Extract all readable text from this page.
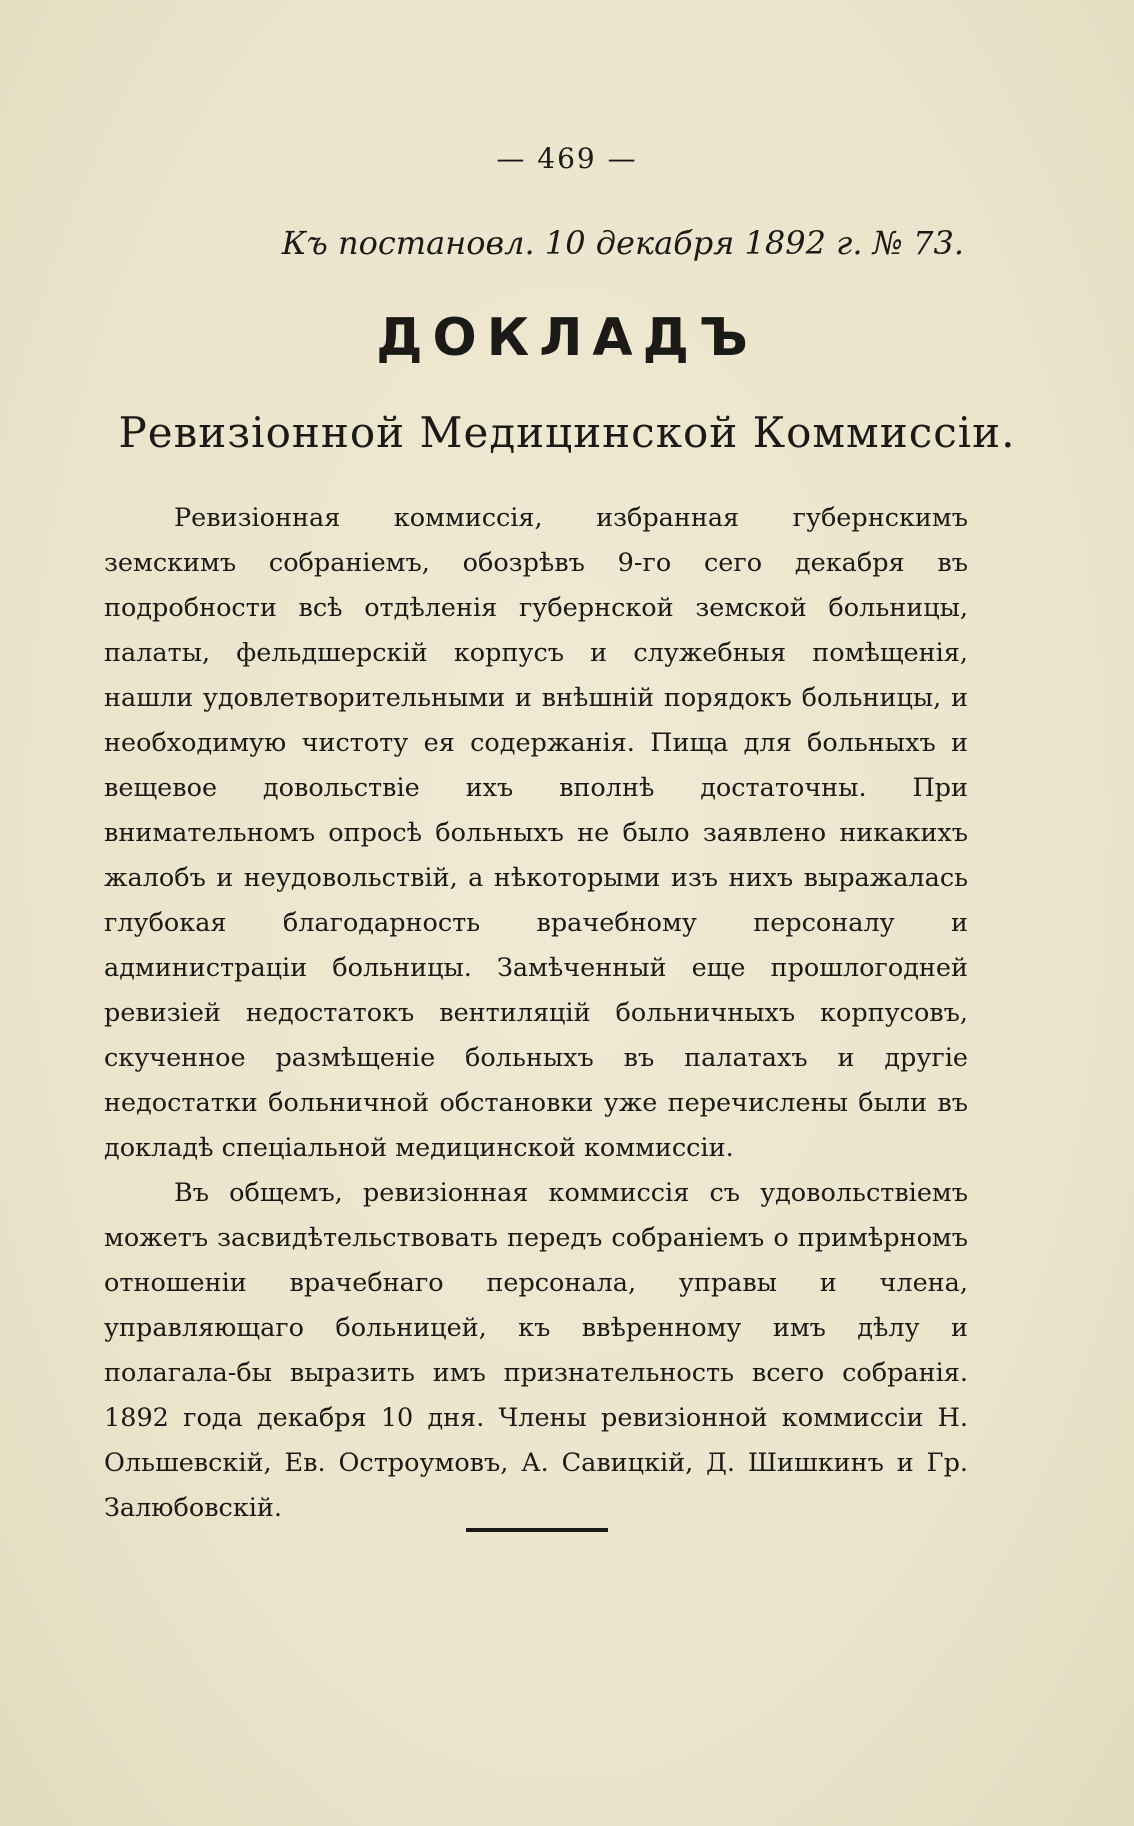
— 469 —
Къ постановл. 10 декабря 1892 г. № 73.
ДОКЛАДЪ
Ревизiонной Медицинской Коммиссiи.

Ревизiонная коммиссiя, избранная губернскимъ земскимъ собранiемъ, обозрѣвъ 9-го сего декабря въ подробности всѣ отдѣленiя губернской земской больницы, палаты, фельдшерскiй корпусъ и служебныя помѣщенiя, нашли удовлетворительными и внѣшнiй порядокъ больницы, и необходимую чистоту ея содержанiя. Пища для больныхъ и вещевое довольствiе ихъ вполнѣ достаточны. При внимательномъ опросѣ больныхъ не было заявлено никакихъ жалобъ и неудовольствiй, а нѣкоторыми изъ нихъ выражалась глубокая благодарность врачебному персоналу и администрацiи больницы. Замѣченный еще прошлогодней ревизiей недостатокъ вентиляцiй больничныхъ корпусовъ, скученное размѣщенiе больныхъ въ палатахъ и другiе недостатки больничной обстановки уже перечислены были въ докладѣ спецiальной медицинской коммиссiи.

Въ общемъ, ревизiонная коммиссiя съ удовольствiемъ можетъ засвидѣтельствовать передъ собранiемъ о примѣрномъ отношенiи врачебнаго персонала, управы и члена, управляющаго больницей, къ ввѣренному имъ дѣлу и полагала-бы выразить имъ признательность всего собранiя. 1892 года декабря 10 дня. Члены ревизiонной коммиссiи Н. Ольшевскiй, Ев. Остроумовъ, А. Савицкiй, Д. Шишкинъ и Гр. Залюбовскiй.
